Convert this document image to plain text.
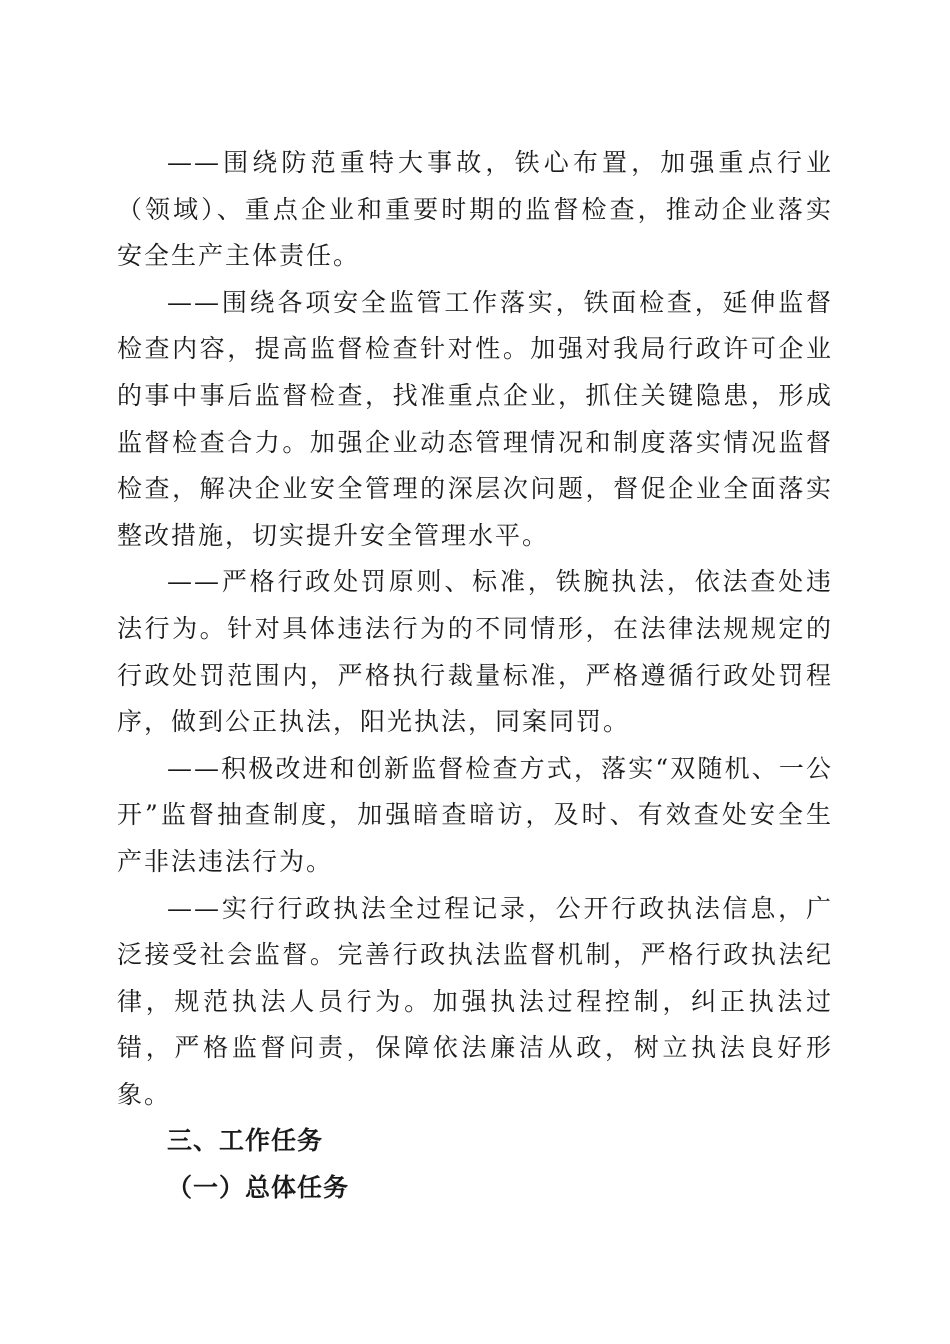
——围绕防范重特大事故，铁心布置，加强重点行业（领域）、重点企业和重要时期的监督检查，推动企业落实安全生产主体责任。

——围绕各项安全监管工作落实，铁面检查，延伸监督检查内容，提高监督检查针对性。加强对我局行政许可企业的事中事后监督检查，找准重点企业，抓住关键隐患，形成监督检查合力。加强企业动态管理情况和制度落实情况监督检查，解决企业安全管理的深层次问题，督促企业全面落实整改措施，切实提升安全管理水平。

——严格行政处罚原则、标准，铁腕执法，依法查处违法行为。针对具体违法行为的不同情形，在法律法规规定的行政处罚范围内，严格执行裁量标准，严格遵循行政处罚程序，做到公正执法，阳光执法，同案同罚。

——积极改进和创新监督检查方式，落实“双随机、一公开”监督抽查制度，加强暗查暗访，及时、有效查处安全生产非法违法行为。

——实行行政执法全过程记录，公开行政执法信息，广泛接受社会监督。完善行政执法监督机制，严格行政执法纪律，规范执法人员行为。加强执法过程控制，纠正执法过错，严格监督问责，保障依法廉洁从政，树立执法良好形象。

三、工作任务

（一）总体任务
